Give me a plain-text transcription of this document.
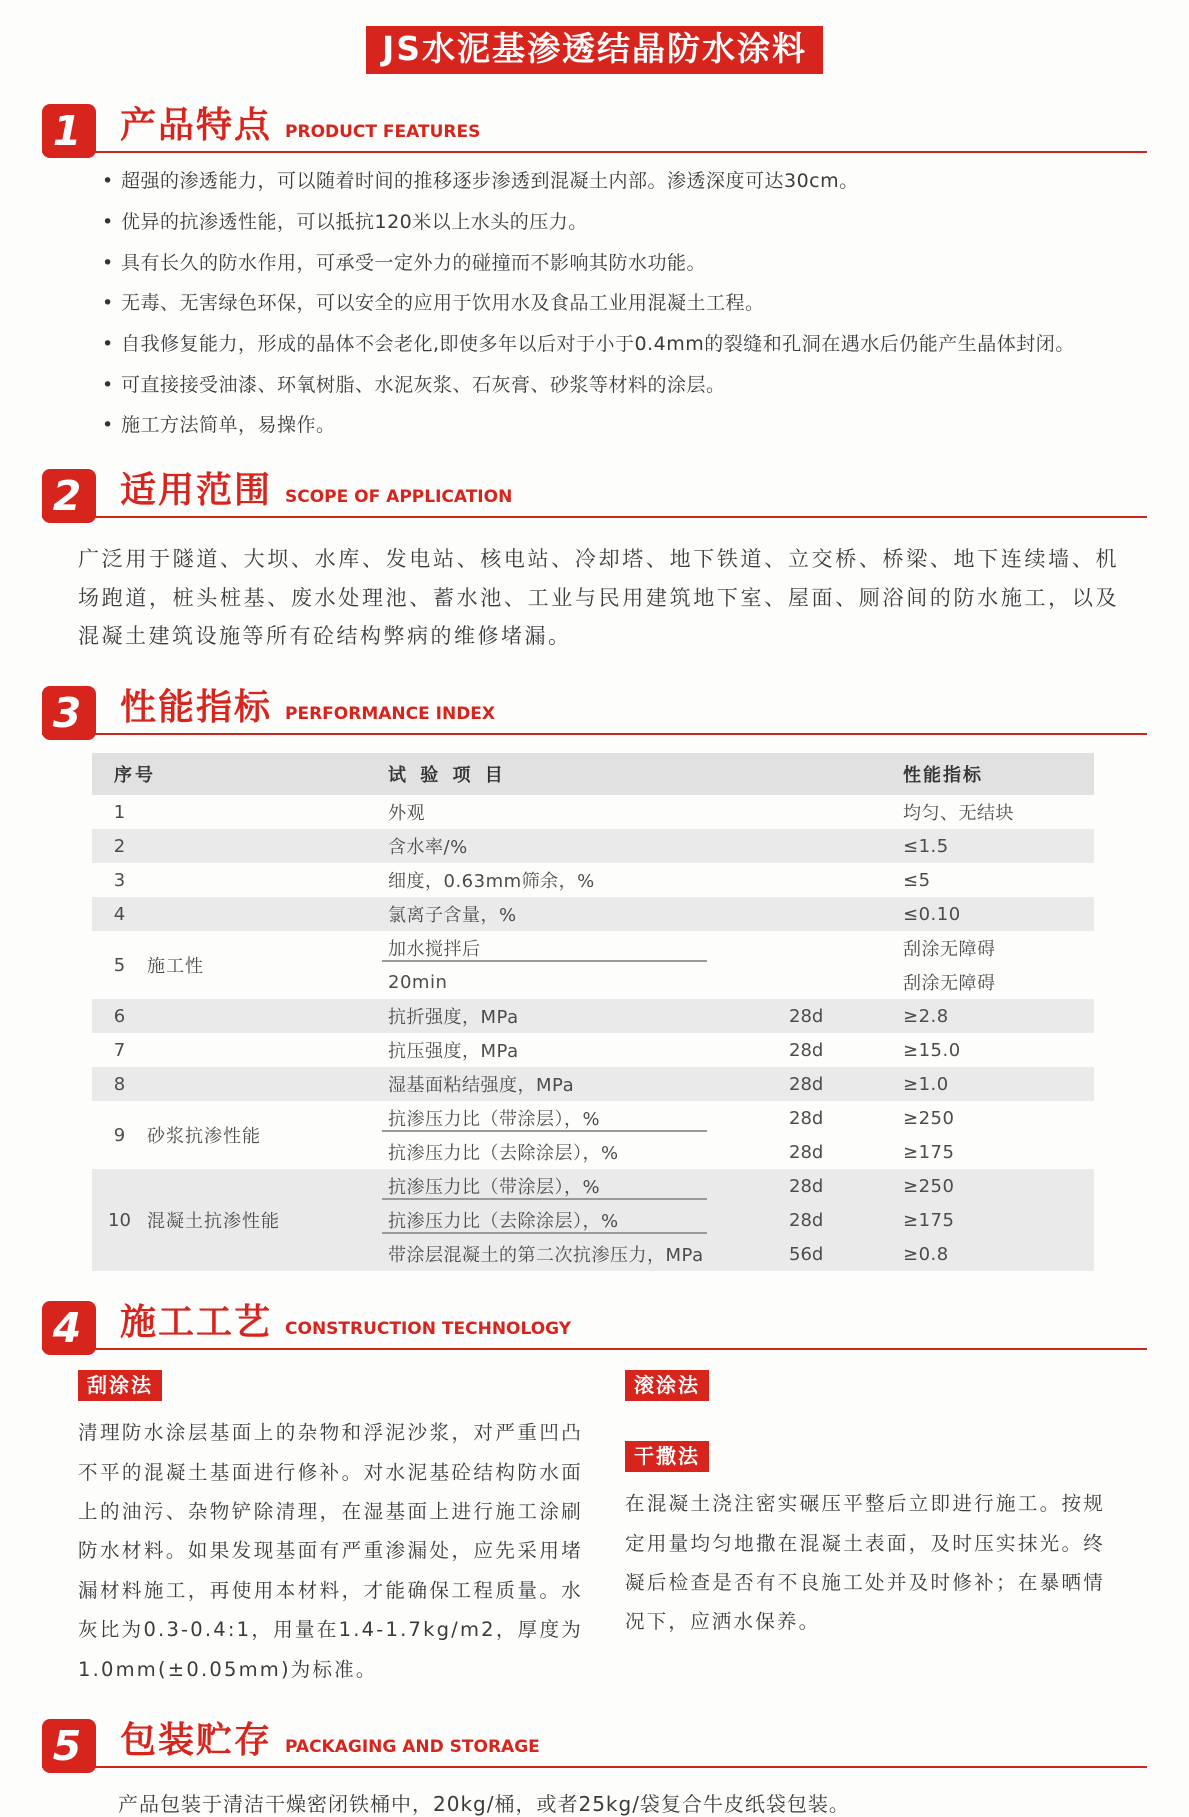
JS水泥基渗透结晶防水涂料
1	产品特点 PRODUCT FEATURES
• 超强的渗透能力，可以随着时间的推移逐步渗透到混凝土内部。渗透深度可达30cm。
• 优异的抗渗透性能，可以抵抗120米以上水头的压力。
• 具有长久的防水作用，可承受一定外力的碰撞而不影响其防水功能。
• 无毒、无害绿色环保，可以安全的应用于饮用水及食品工业用混凝土工程。
• 自我修复能力，形成的晶体不会老化,即使多年以后对于小于0.4mm的裂缝和孔洞在遇水后仍能产生晶体封闭。
• 可直接接受油漆、环氧树脂、水泥灰浆、石灰膏、砂浆等材料的涂层。
• 施工方法简单，易操作。
2	适用范围 SCOPE OF APPLICATION

广泛用于隧道、大坝、水库、发电站、核电站、冷却塔、地下铁道、立交桥、桥梁、地下连续墙、机场跑道，桩头桩基、废水处理池、蓄水池、工业与民用建筑地下室、屋面、厕浴间的防水施工，以及混凝土建筑设施等所有砼结构弊病的维修堵漏。

3	性能指标 PERFORMANCE INDEX
序号	试 验 项 目	性能指标
1	外观	均匀、无结块
2	含水率/%	≤1.5
3	细度，0.63mm筛余，%	≤5
4	氯离子含量，%	≤0.10
5	施工性
加水搅拌后	刮涂无障碍
20min	刮涂无障碍
6	抗折强度，MPa	28d	≥2.8
7	抗压强度，MPa	28d	≥15.0
8	湿基面粘结强度，MPa	28d	≥1.0
9	砂浆抗渗性能
抗渗压力比（带涂层），%	28d	≥250
抗渗压力比（去除涂层），%	28d	≥175
10 混凝土抗渗性能
抗渗压力比（带涂层），%	28d	≥250
抗渗压力比（去除涂层），%	28d	≥175
带涂层混凝土的第二次抗渗压力，MPa	56d	≥0.8
4	施工工艺 CONSTRUCTION TECHNOLOGY
刮涂法

清理防水涂层基面上的杂物和浮泥沙浆，对严重凹凸不平的混凝土基面进行修补。对水泥基砼结构防水面上的油污、杂物铲除清理，在湿基面上进行施工涂刷防水材料。如果发现基面有严重渗漏处，应先采用堵漏材料施工，再使用本材料，才能确保工程质量。水灰比为0.3-0.4:1，用量在1.4-1.7kg/m2，厚度为1.0mm(±0.05mm)为标准。

滚涂法
干撒法

在混凝土浇注密实碾压平整后立即进行施工。按规定用量均匀地撒在混凝土表面，及时压实抹光。终凝后检查是否有不良施工处并及时修补；在暴晒情况下，应洒水保养。

5	包装贮存 PACKAGING AND STORAGE

产品包装于清洁干燥密闭铁桶中，20kg/桶，或者25kg/袋复合牛皮纸袋包装。
